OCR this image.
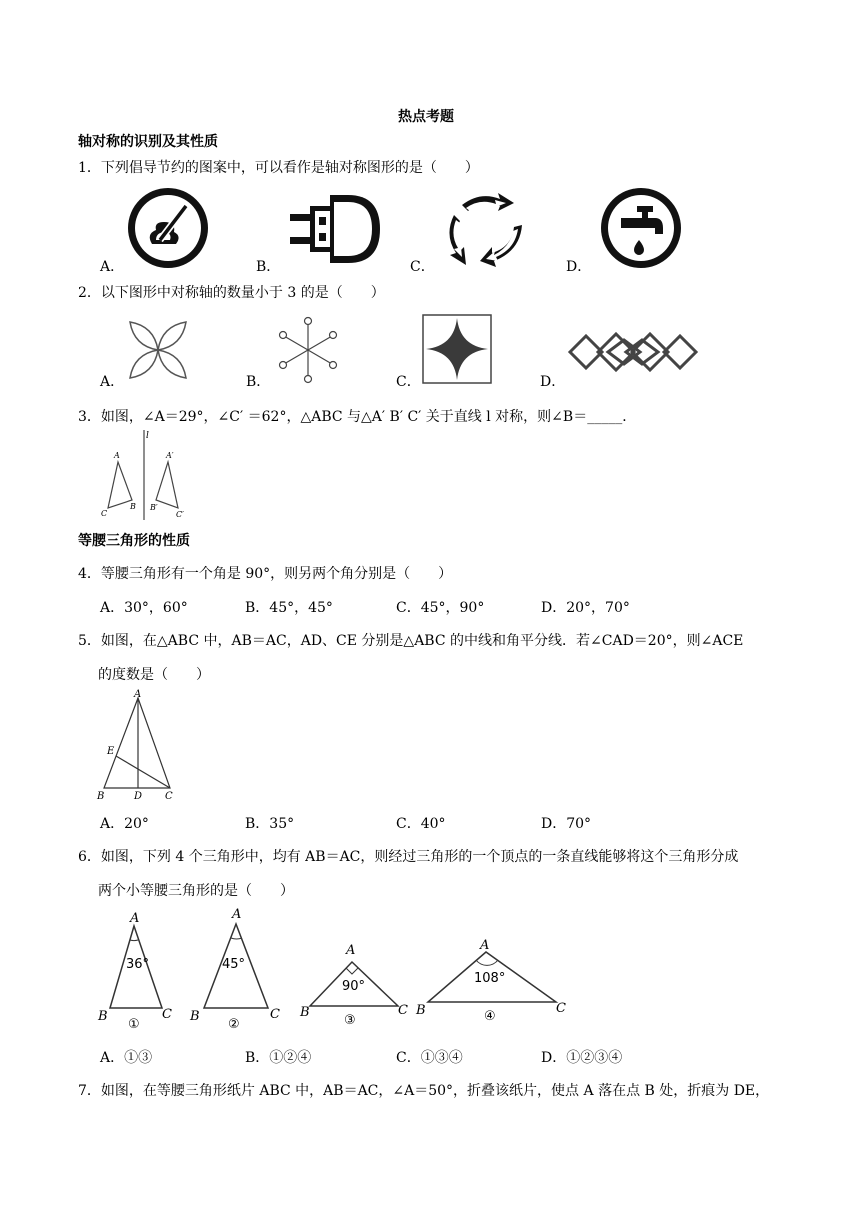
热点考题
轴对称的识别及其性质
1．下列倡导节约的图案中，可以看作是轴对称图形的是（　　）
A．	B．	C．	D．
2．以下图形中对称轴的数量小于 3 的是（　　）
A．	B．	C．	D．
3．如图，∠A＝29°，∠C′ ＝62°，△ABC 与△A′ B′ C′ 关于直线 l 对称，则∠B＝_____．
l
A
C
B
A′
B′
C′
等腰三角形的性质
4．等腰三角形有一个角是 90°，则另两个角分别是（　　）
A．30°，60°	B．45°，45°	C．45°，90°	D．20°，70°
5．如图，在△ABC 中，AB＝AC，AD、CE 分别是△ABC 的中线和角平分线．若∠CAD＝20°，则∠ACE
的度数是（　　）
A
E
B	D C
A．20°	B．35°	C．40°	D．70°
6．如图，下列 4 个三角形中，均有 AB＝AC，则经过三角形的一个顶点的一条直线能够将这个三角形分成
两个小等腰三角形的是（　　）
A
36°
B	C
①
A
45°
B	C
②
A
90°
B	C
③
A
108°
B	C
④
A．①③	B．①②④	C．①③④	D．①②③④
7．如图，在等腰三角形纸片 ABC 中，AB＝AC，∠A＝50°，折叠该纸片，使点 A 落在点 B 处，折痕为 DE，
